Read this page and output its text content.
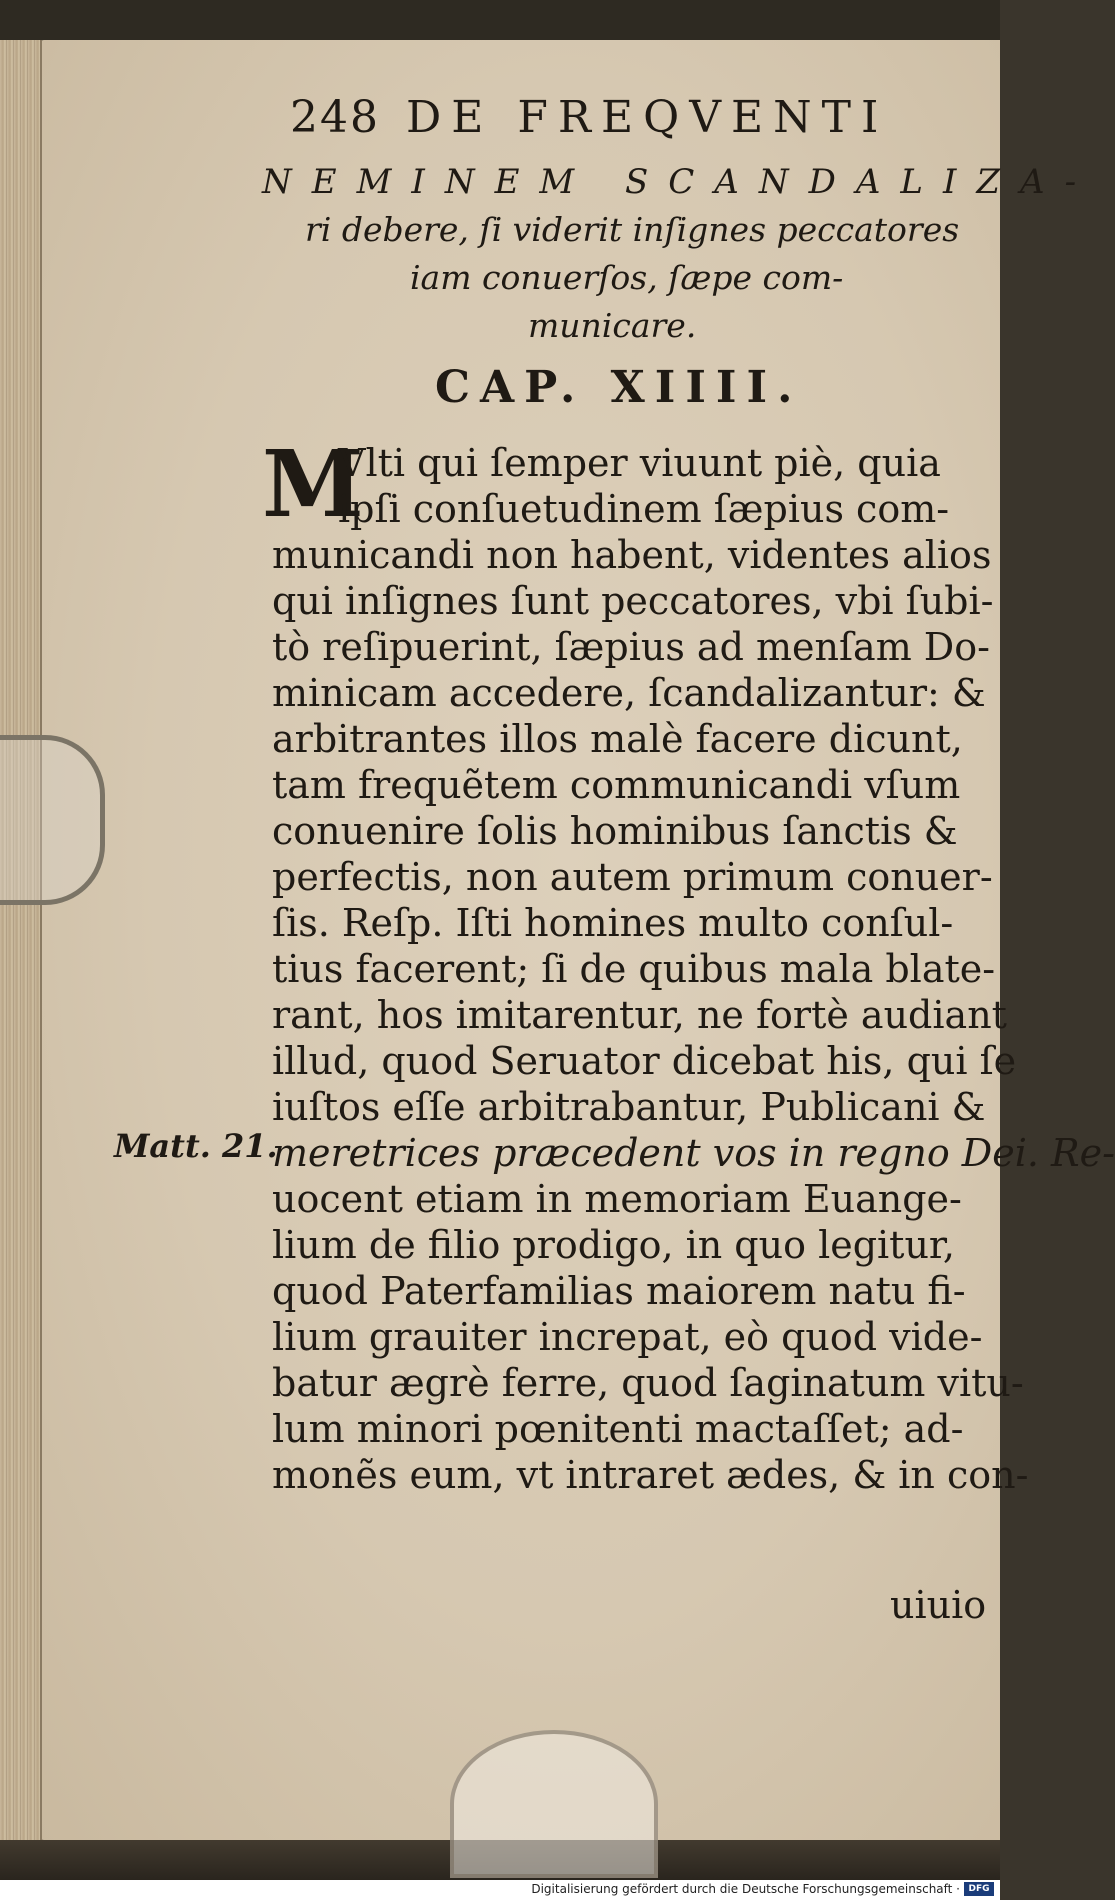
248 DE FREQVENTI
NEMINEM SCANDALIZA-
ri debere, ſi viderit inſignes peccatores
iam conuerſos, ſæpe com-
municare.
CAP. XIIII.
M
Vlti qui ſemper viuunt piè, quia
ipſi conſuetudinem ſæpius com-
municandi non habent, videntes alios
qui inſignes ſunt peccatores, vbi ſubi-
tò reſipuerint, ſæpius ad menſam Do-
minicam accedere, ſcandalizantur: &
arbitrantes illos malè facere dicunt,
tam frequẽtem communicandi vſum
conuenire ſolis hominibus ſanctis &
perfectis, non autem primum conuer-
ſis. Reſp. Iſti homines multo conſul-
tius facerent; ſi de quibus mala blate-
rant, hos imitarentur, ne fortè audiant
illud, quod Seruator dicebat his, qui ſe
iuſtos eſſe arbitrabantur, Publicani &
meretrices præcedent vos in regno Dei. Re-
uocent etiam in memoriam Euange-
lium de filio prodigo, in quo legitur,
quod Paterfamilias maiorem natu fi-
lium grauiter increpat, eò quod vide-
batur ægrè ferre, quod ſaginatum vitu-
lum minori pœnitenti mactaſſet; ad-
monẽs eum, vt intraret ædes, & in con-
Matt. 21.
uiuio
Digitalisierung gefördert durch die Deutsche Forschungsgemeinschaft · DFG
